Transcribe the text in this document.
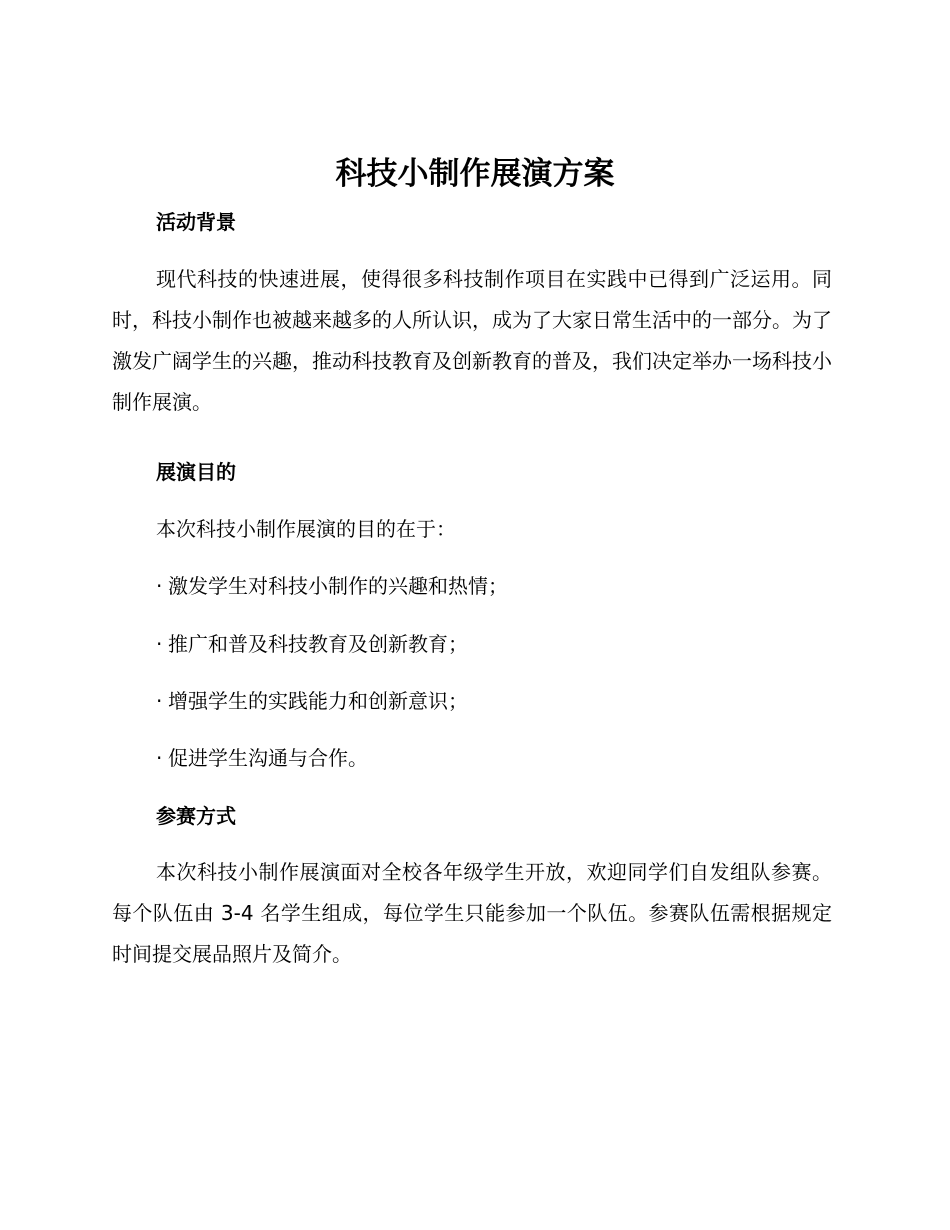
科技小制作展演方案
活动背景

现代科技的快速进展，使得很多科技制作项目在实践中已得到广泛运用。同时，科技小制作也被越来越多的人所认识，成为了大家日常生活中的一部分。为了激发广阔学生的兴趣，推动科技教育及创新教育的普及，我们决定举办一场科技小制作展演。

展演目的

本次科技小制作展演的目的在于：

· 激发学生对科技小制作的兴趣和热情；
· 推广和普及科技教育及创新教育；
· 增强学生的实践能力和创新意识；
· 促进学生沟通与合作。
参赛方式

本次科技小制作展演面对全校各年级学生开放，欢迎同学们自发组队参赛。每个队伍由 3-4 名学生组成，每位学生只能参加一个队伍。参赛队伍需根据规定时间提交展品照片及简介。
